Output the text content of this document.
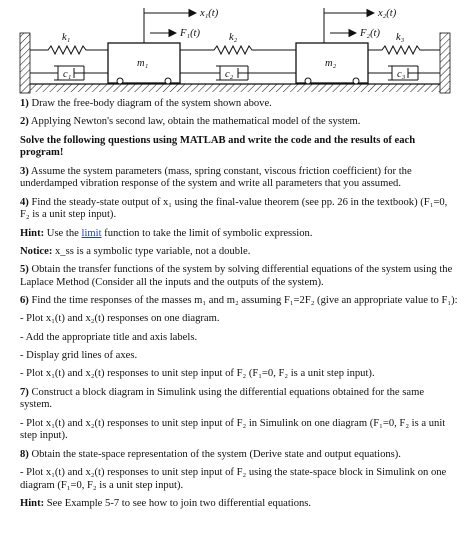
x₁(t)	x₂(t)
F₁(t)	F₂(t)
k₁	k₂	k₃
m₁	m₂
c₁	c₂	c₃

1) Draw the free-body diagram of the system shown above.

2) Applying Newton's second law, obtain the mathematical model of the system.

Solve the following questions using MATLAB and write the code and the results of each program!

3) Assume the system parameters (mass, spring constant, viscous friction coefficient) for the underdamped vibration response of the system and write all parameters that you assumed.

4) Find the steady-state output of x₁ using the final-value theorem (see pp. 26 in the textbook) (F₁=0, F₂ is a unit step input).

Hint: Use the limit function to take the limit of symbolic expression.

Notice: x_ss is a symbolic type variable, not a double.

5) Obtain the transfer functions of the system by solving differential equations of the system using the Laplace Method (Consider all the inputs and the outputs of the system).

6) Find the time responses of the masses m₁ and m₂ assuming F₁=2F₂ (give an appropriate value to F₁):

- Plot x₁(t) and x₂(t) responses on one diagram.

- Add the appropriate title and axis labels.

- Display grid lines of axes.

- Plot x₁(t) and x₂(t) responses to unit step input of F₂ (F₁=0, F₂ is a unit step input).

7) Construct a block diagram in Simulink using the differential equations obtained for the same system.

- Plot x₁(t) and x₂(t) responses to unit step input of F₂ in Simulink on one diagram (F₁=0, F₂ is a unit step input).

8) Obtain the state-space representation of the system (Derive state and output equations).

- Plot x₁(t) and x₂(t) responses to unit step input of F₂ using the state-space block in Simulink on one diagram (F₁=0, F₂ is a unit step input).

Hint: See Example 5-7 to see how to join two differential equations.
